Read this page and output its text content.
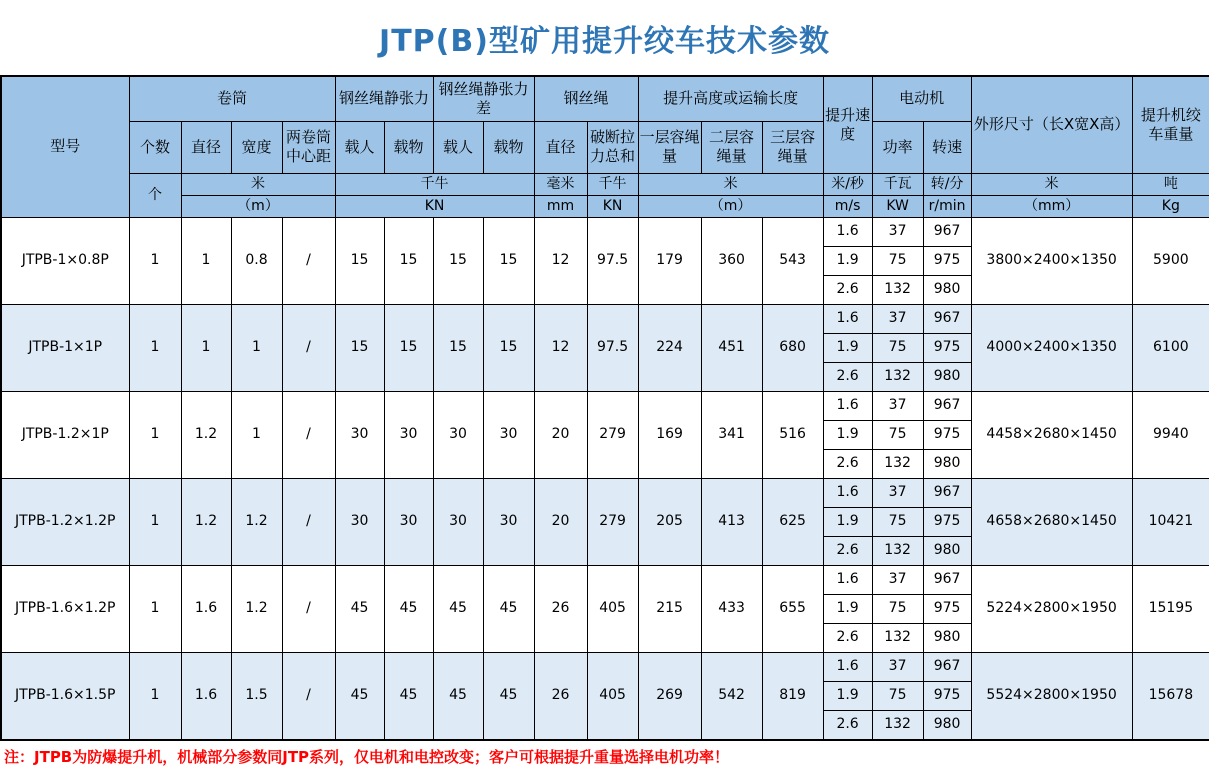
JTP(B)型矿用提升绞车技术参数
型号	卷筒				钢丝绳静张力		钢丝绳静张力差		钢丝绳		提升高度或运输长度			提升速度	电动机		外形尺寸（长X宽X高）	提升机绞车重量
	个数	直径	宽度	两卷筒中心距	载人	载物	载人	载物	直径	破断拉力总和	一层容绳量	二层容绳量	三层容绳量		功率	转速		
	个	米			千牛				毫米	千牛	米			米/秒	千瓦	转/分	米	吨
		（m）			KN				mm	KN	（m）			m/s	KW	r/min	（mm）	Kg
JTPB-1×0.8P	1	1	0.8	/	15	15	15	15	12	97.5	179	360	543	1.6	37	967	3800×2400×1350	5900
														1.9	75	975		
														2.6	132	980		
JTPB-1×1P	1	1	1	/	15	15	15	15	12	97.5	224	451	680	1.6	37	967	4000×2400×1350	6100
														1.9	75	975		
														2.6	132	980		
JTPB-1.2×1P	1	1.2	1	/	30	30	30	30	20	279	169	341	516	1.6	37	967	4458×2680×1450	9940
														1.9	75	975		
														2.6	132	980		
JTPB-1.2×1.2P	1	1.2	1.2	/	30	30	30	30	20	279	205	413	625	1.6	37	967	4658×2680×1450	10421
														1.9	75	975		
														2.6	132	980		
JTPB-1.6×1.2P	1	1.6	1.2	/	45	45	45	45	26	405	215	433	655	1.6	37	967	5224×2800×1950	15195
														1.9	75	975		
														2.6	132	980		
JTPB-1.6×1.5P	1	1.6	1.5	/	45	45	45	45	26	405	269	542	819	1.6	37	967	5524×2800×1950	15678
														1.9	75	975		
														2.6	132	980		
注：JTPB为防爆提升机，机械部分参数同JTP系列，仅电机和电控改变；客户可根据提升重量选择电机功率！
